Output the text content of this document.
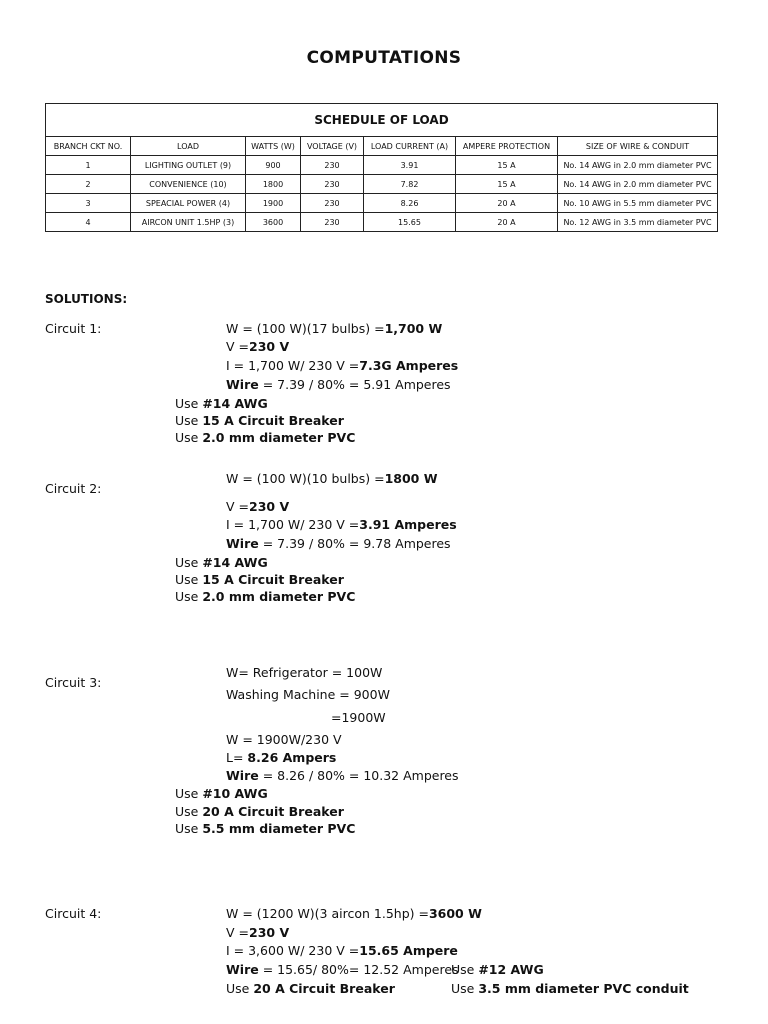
COMPUTATIONS
SCHEDULE OF LOAD						
BRANCH CKT NO.	LOAD	WATTS (W)	VOLTAGE (V)	LOAD CURRENT (A)	AMPERE PROTECTION	SIZE OF WIRE & CONDUIT
1	LIGHTING OUTLET (9)	900	230	3.91	15 A	No. 14 AWG in 2.0 mm diameter PVC
2	CONVENIENCE (10)	1800	230	7.82	15 A	No. 14 AWG in 2.0 mm diameter PVC
3	SPEACIAL POWER (4)	1900	230	8.26	20 A	No. 10 AWG in 5.5 mm diameter PVC
4	AIRCON UNIT 1.5HP (3)	3600	230	15.65	20 A	No. 12 AWG in 3.5 mm diameter PVC
SOLUTIONS:
Circuit 1:	W = (100 W)(17 bulbs) =1,700 W
V =230 V
I = 1,700 W/ 230 V =7.3G Amperes
Wire = 7.39 / 80% = 5.91 Amperes
Use #14 AWG
Use 15 A Circuit Breaker
Use 2.0 mm diameter PVC
Circuit 2:
W = (100 W)(10 bulbs) =1800 W
V =230 V
I = 1,700 W/ 230 V =3.91 Amperes
Wire = 7.39 / 80% = 9.78 Amperes
Use #14 AWG
Use 15 A Circuit Breaker
Use 2.0 mm diameter PVC
Circuit 3:
W= Refrigerator = 100W
Washing Machine = 900W
=1900W
W = 1900W/230 V
L= 8.26 Ampers
Wire = 8.26 / 80% = 10.32 Amperes
Use #10 AWG
Use 20 A Circuit Breaker
Use 5.5 mm diameter PVC
Circuit 4:	W = (1200 W)(3 aircon 1.5hp) =3600 W
V =230 V
I = 3,600 W/ 230 V =15.65 Ampere
Wire = 15.65/ 80%= 12.52 Amperes
Use 20 A Circuit Breaker
Use #12 AWG
Use 3.5 mm diameter PVC conduit
